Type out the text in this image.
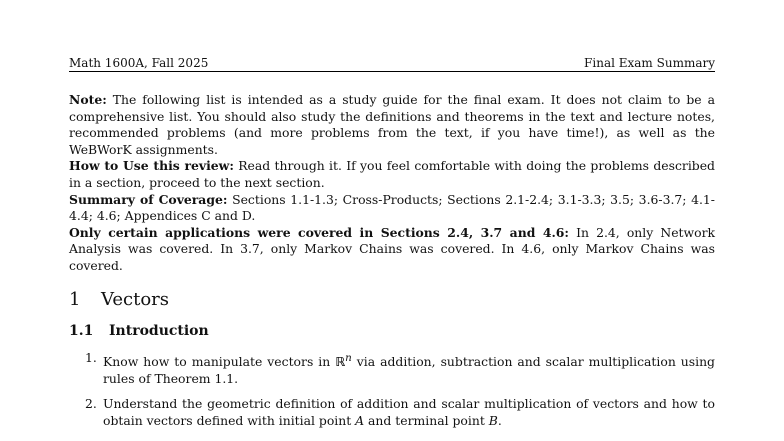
Math 1600A, Fall 2025	Final Exam Summary

Note: The following list is intended as a study guide for the final exam. It does not claim to be a comprehensive list. You should also study the definitions and theorems in the text and lecture notes, recommended problems (and more problems from the text, if you have time!), as well as the WeBWorK assignments.

How to Use this review: Read through it. If you feel comfortable with doing the problems described in a section, proceed to the next section.

Summary of Coverage: Sections 1.1-1.3; Cross-Products; Sections 2.1-2.4; 3.1-3.3; 3.5; 3.6-3.7; 4.1-4.4; 4.6; Appendices C and D.

Only certain applications were covered in Sections 2.4, 3.7 and 4.6: In 2.4, only Network Analysis was covered. In 3.7, only Markov Chains was covered. In 4.6, only Markov Chains was covered.

1 Vectors
1.1 Introduction
1. Know how to manipulate vectors in ℝ$^n$ via addition, subtraction and scalar multiplication using rules of Theorem 1.1.
2. Understand the geometric definition of addition and scalar multiplication of vectors and how to obtain vectors defined with initial point A and terminal point B.
